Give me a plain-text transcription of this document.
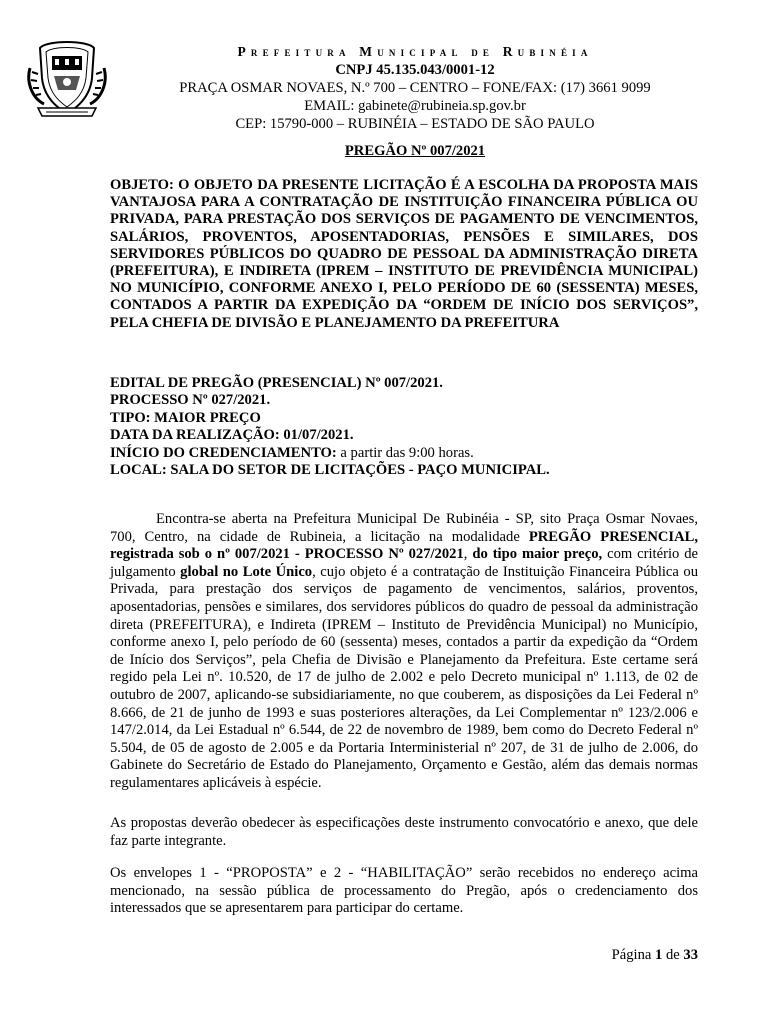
Prefeitura Municipal de Rubinéia
CNPJ 45.135.043/0001-12
PRAÇA OSMAR NOVAES, N.º 700 – CENTRO – FONE/FAX: (17) 3661 9099
EMAIL: gabinete@rubineia.sp.gov.br
CEP: 15790-000 – RUBINÉIA – ESTADO DE SÃO PAULO
PREGÃO Nº 007/2021
OBJETO: O OBJETO DA PRESENTE LICITAÇÃO É A ESCOLHA DA PROPOSTA MAIS VANTAJOSA PARA A CONTRATAÇÃO DE INSTITUIÇÃO FINANCEIRA PÚBLICA OU PRIVADA, PARA PRESTAÇÃO DOS SERVIÇOS DE PAGAMENTO DE VENCIMENTOS, SALÁRIOS, PROVENTOS, APOSENTADORIAS, PENSÕES E SIMILARES, DOS SERVIDORES PÚBLICOS DO QUADRO DE PESSOAL DA ADMINISTRAÇÃO DIRETA (PREFEITURA), E INDIRETA (IPREM – INSTITUTO DE PREVIDÊNCIA MUNICIPAL) NO MUNICÍPIO, CONFORME ANEXO I, PELO PERÍODO DE 60 (SESSENTA) MESES, CONTADOS A PARTIR DA EXPEDIÇÃO DA “ORDEM DE INÍCIO DOS SERVIÇOS”, PELA CHEFIA DE DIVISÃO E PLANEJAMENTO DA PREFEITURA
EDITAL DE PREGÃO (PRESENCIAL) Nº 007/2021.
PROCESSO Nº 027/2021.
TIPO: MAIOR PREÇO
DATA DA REALIZAÇÃO: 01/07/2021.
INÍCIO DO CREDENCIAMENTO: a partir das 9:00 horas.
LOCAL: SALA DO SETOR DE LICITAÇÕES - PAÇO MUNICIPAL.
Encontra-se aberta na Prefeitura Municipal De Rubinéia - SP, sito Praça Osmar Novaes, 700, Centro, na cidade de Rubineia, a licitação na modalidade PREGÃO PRESENCIAL, registrada sob o nº 007/2021 - PROCESSO Nº 027/2021, do tipo maior preço, com critério de julgamento global no Lote Único, cujo objeto é a contratação de Instituição Financeira Pública ou Privada, para prestação dos serviços de pagamento de vencimentos, salários, proventos, aposentadorias, pensões e similares, dos servidores públicos do quadro de pessoal da administração direta (PREFEITURA), e Indireta (IPREM – Instituto de Previdência Municipal) no Município, conforme anexo I, pelo período de 60 (sessenta) meses, contados a partir da expedição da “Ordem de Início dos Serviços”, pela Chefia de Divisão e Planejamento da Prefeitura. Este certame será regido pela Lei nº. 10.520, de 17 de julho de 2.002 e pelo Decreto municipal nº 1.113, de 02 de outubro de 2007, aplicando-se subsidiariamente, no que couberem, as disposições da Lei Federal nº 8.666, de 21 de junho de 1993 e suas posteriores alterações, da Lei Complementar nº 123/2.006 e 147/2.014, da Lei Estadual nº 6.544, de 22 de novembro de 1989, bem como do Decreto Federal nº 5.504, de 05 de agosto de 2.005 e da Portaria Interministerial nº 207, de 31 de julho de 2.006, do Gabinete do Secretário de Estado do Planejamento, Orçamento e Gestão, além das demais normas regulamentares aplicáveis à espécie.
As propostas deverão obedecer às especificações deste instrumento convocatório e anexo, que dele faz parte integrante.
Os envelopes 1 - “PROPOSTA” e 2 - “HABILITAÇÃO” serão recebidos no endereço acima mencionado, na sessão pública de processamento do Pregão, após o credenciamento dos interessados que se apresentarem para participar do certame.
Página 1 de 33
